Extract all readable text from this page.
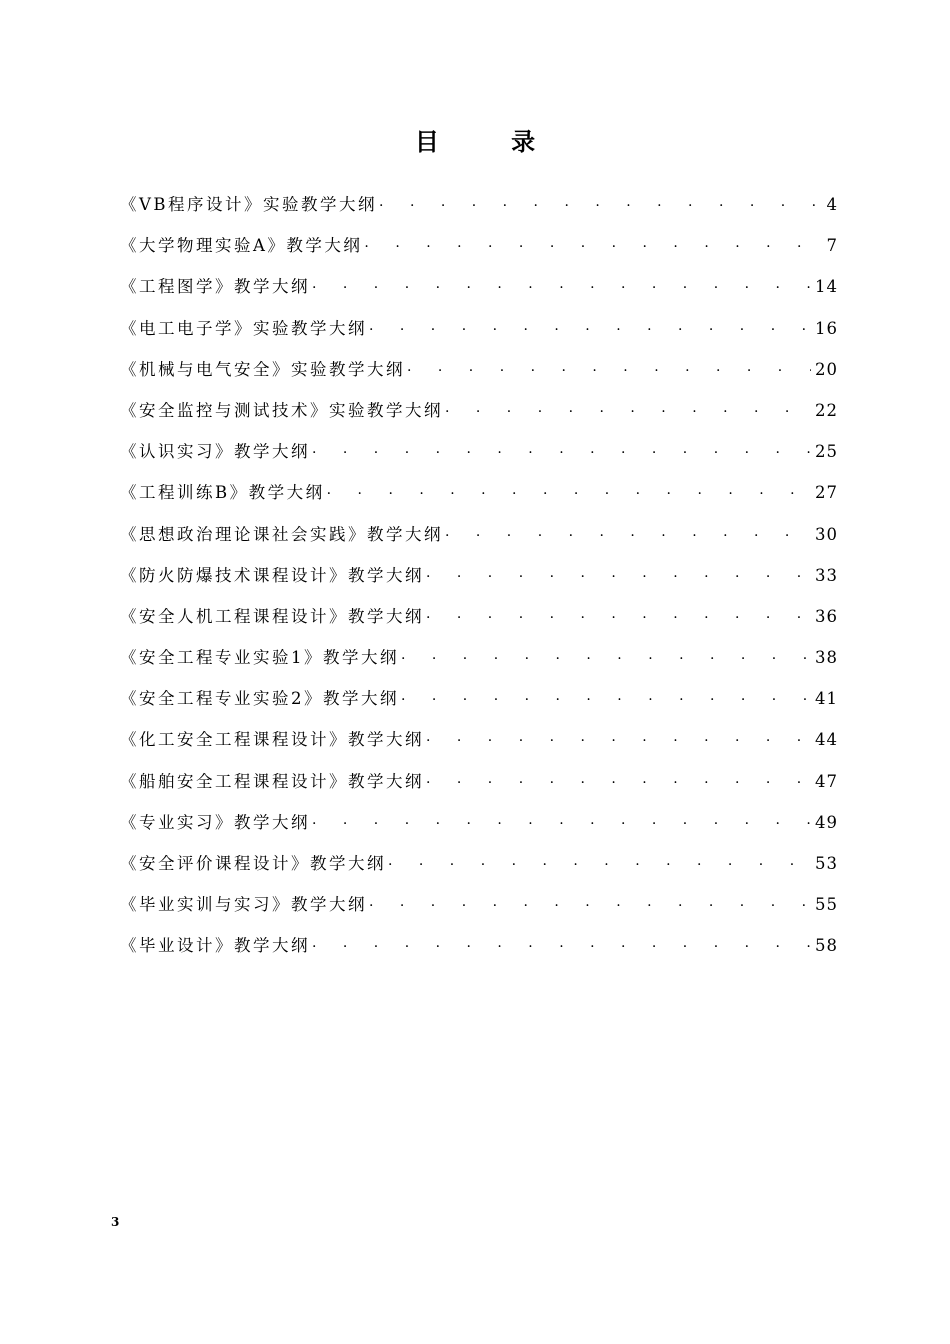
目 录
《VB程序设计》实验教学大纲 · · ·	4
《大学物理实验A》教学大纲 · · ·	7
《工程图学》教学大纲 · · ·	14
《电工电子学》实验教学大纲 · · ·	16
《机械与电气安全》实验教学大纲 · · ·	20
《安全监控与测试技术》实验教学大纲 · · ·	22
《认识实习》教学大纲 · · ·	25
《工程训练B》教学大纲 · · ·	27
《思想政治理论课社会实践》教学大纲 · · ·	30
《防火防爆技术课程设计》教学大纲 · · ·	33
《安全人机工程课程设计》教学大纲 · · ·	36
《安全工程专业实验1》教学大纲 · · ·	38
《安全工程专业实验2》教学大纲 · · ·	41
《化工安全工程课程设计》教学大纲 · · ·	44
《船舶安全工程课程设计》教学大纲 · · ·	47
《专业实习》教学大纲 · · ·	49
《安全评价课程设计》教学大纲 · · ·	53
《毕业实训与实习》教学大纲 · · ·	55
《毕业设计》教学大纲 · · ·	58
3
